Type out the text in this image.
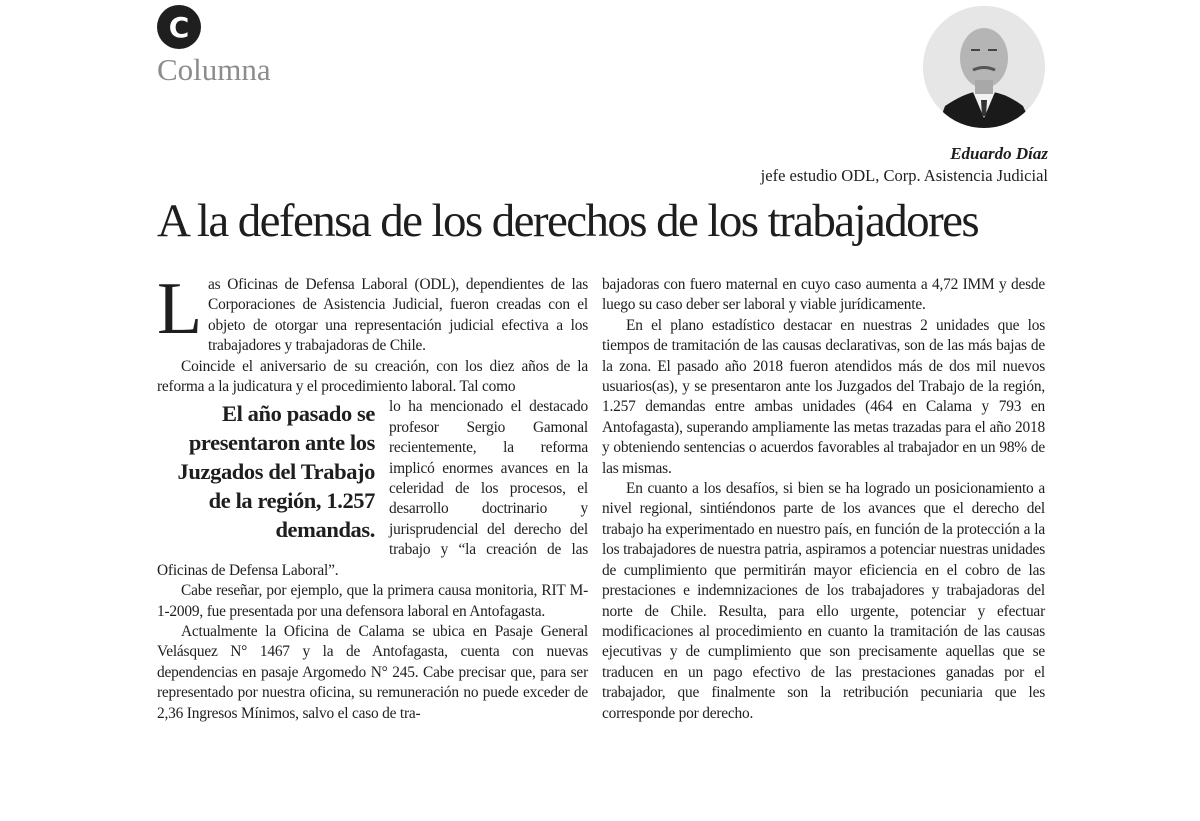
C
Columna
Eduardo Díaz
jefe estudio ODL, Corp. Asistencia Judicial
A la defensa de los derechos de los trabajadores

Las Oficinas de Defensa Laboral (ODL), dependientes de las Corporaciones de Asistencia Judicial, fueron creadas con el objeto de otorgar una representación judicial efectiva a los trabajadores y trabajadoras de Chile.

Coincide el aniversario de su creación, con los diez años de la reforma a la judicatura y el procedimiento laboral. Tal como

El año pasado se presentaron ante los Juzgados del Trabajo de la región, 1.257 demandas.

lo ha mencionado el destacado profesor Sergio Gamonal recientemente, la reforma implicó enormes avances en la celeridad de los procesos, el desarrollo doctrinario y jurisprudencial del derecho del trabajo y “la creación de las Oficinas de Defensa Laboral”.

Cabe reseñar, por ejemplo, que la primera causa monitoria, RIT M-1-2009, fue presentada por una defensora laboral en Antofagasta.

Actualmente la Oficina de Calama se ubica en Pasaje General Velásquez N° 1467 y la de Antofagasta, cuenta con nuevas dependencias en pasaje Argomedo N° 245. Cabe precisar que, para ser representado por nuestra oficina, su remuneración no puede exceder de 2,36 Ingresos Mínimos, salvo el caso de tra-

bajadoras con fuero maternal en cuyo caso aumenta a 4,72 IMM y desde luego su caso deber ser laboral y viable jurídicamente.

En el plano estadístico destacar en nuestras 2 unidades que los tiempos de tramitación de las causas declarativas, son de las más bajas de la zona. El pasado año 2018 fueron atendidos más de dos mil nuevos usuarios(as), y se presentaron ante los Juzgados del Trabajo de la región, 1.257 demandas entre ambas unidades (464 en Calama y 793 en Antofagasta), superando ampliamente las metas trazadas para el año 2018 y obteniendo sentencias o acuerdos favorables al trabajador en un 98% de las mismas.

En cuanto a los desafíos, si bien se ha logrado un posicionamiento a nivel regional, sintiéndonos parte de los avances que el derecho del trabajo ha experimentado en nuestro país, en función de la protección a la los trabajadores de nuestra patria, aspiramos a potenciar nuestras unidades de cumplimiento que permitirán mayor eficiencia en el cobro de las prestaciones e indemnizaciones de los trabajadores y trabajadoras del norte de Chile. Resulta, para ello urgente, potenciar y efectuar modificaciones al procedimiento en cuanto la tramitación de las causas ejecutivas y de cumplimiento que son precisamente aquellas que se traducen en un pago efectivo de las prestaciones ganadas por el trabajador, que finalmente son la retribución pecuniaria que les corresponde por derecho.
